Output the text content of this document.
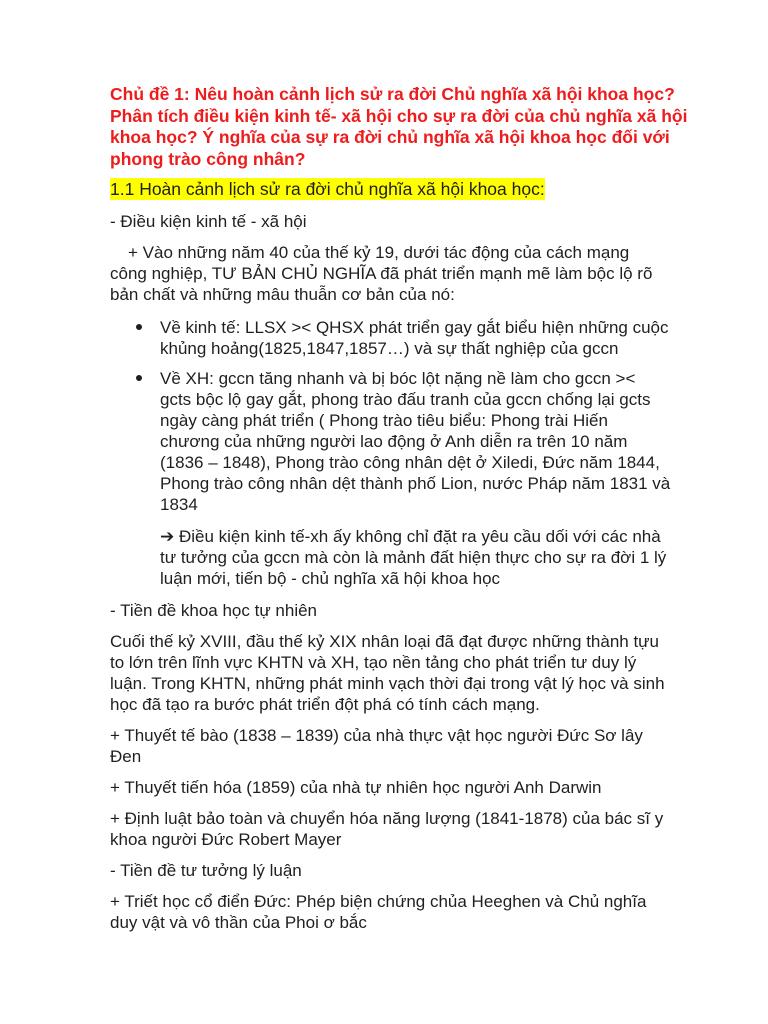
Chủ đề 1: Nêu hoàn cảnh lịch sử ra đời Chủ nghĩa xã hội khoa học?
Phân tích điều kiện kinh tế- xã hội cho sự ra đời của chủ nghĩa xã hội
khoa học? Ý nghĩa của sự ra đời chủ nghĩa xã hội khoa học đối với
phong trào công nhân?
1.1 Hoàn cảnh lịch sử ra đời chủ nghĩa xã hội khoa học:
- Điều kiện kinh tế - xã hội
+ Vào những năm 40 của thế kỷ 19, dưới tác động của cách mạng
công nghiệp, TƯ BẢN CHỦ NGHĨA đã phát triển mạnh mẽ làm bộc lộ rõ
bản chất và những mâu thuẫn cơ bản của nó:
Về kinh tế: LLSX >< QHSX phát triển gay gắt biểu hiện những cuộc
khủng hoảng(1825,1847,1857…) và sự thất nghiệp của gccn
Về XH: gccn tăng nhanh và bị bóc lột nặng nề làm cho gccn ><
gcts bộc lộ gay gắt, phong trào đấu tranh của gccn chống lại gcts
ngày càng phát triển ( Phong trào tiêu biểu: Phong trài Hiến
chương của những người lao động ở Anh diễn ra trên 10 năm
(1836 – 1848), Phong trào công nhân dệt ở Xiledi, Đức năm 1844,
Phong trào công nhân dệt thành phố Lion, nước Pháp năm 1831 và
1834
➔ Điều kiện kinh tế-xh ấy không chỉ đặt ra yêu cầu dối với các nhà
tư tưởng của gccn mà còn là mảnh đất hiện thực cho sự ra đời 1 lý
luận mới, tiến bộ - chủ nghĩa xã hội khoa học
- Tiền đề khoa học tự nhiên
Cuối thế kỷ XVIII, đầu thế kỷ XIX nhân loại đã đạt được những thành tựu
to lớn trên lĩnh vực KHTN và XH, tạo nền tảng cho phát triển tư duy lý
luận. Trong KHTN, những phát minh vạch thời đại trong vật lý học và sinh
học đã tạo ra bước phát triển đột phá có tính cách mạng.
+ Thuyết tế bào (1838 – 1839) của nhà thực vật học người Đức Sơ lây
Đen
+ Thuyết tiến hóa (1859) của nhà tự nhiên học người Anh Darwin
+ Định luật bảo toàn và chuyển hóa năng lượng (1841-1878) của bác sĩ y
khoa người Đức Robert Mayer
- Tiền đề tư tưởng lý luận
+ Triết học cổ điển Đức: Phép biện chứng chủa Heeghen và Chủ nghĩa
duy vật và vô thần của Phoi ơ bắc
